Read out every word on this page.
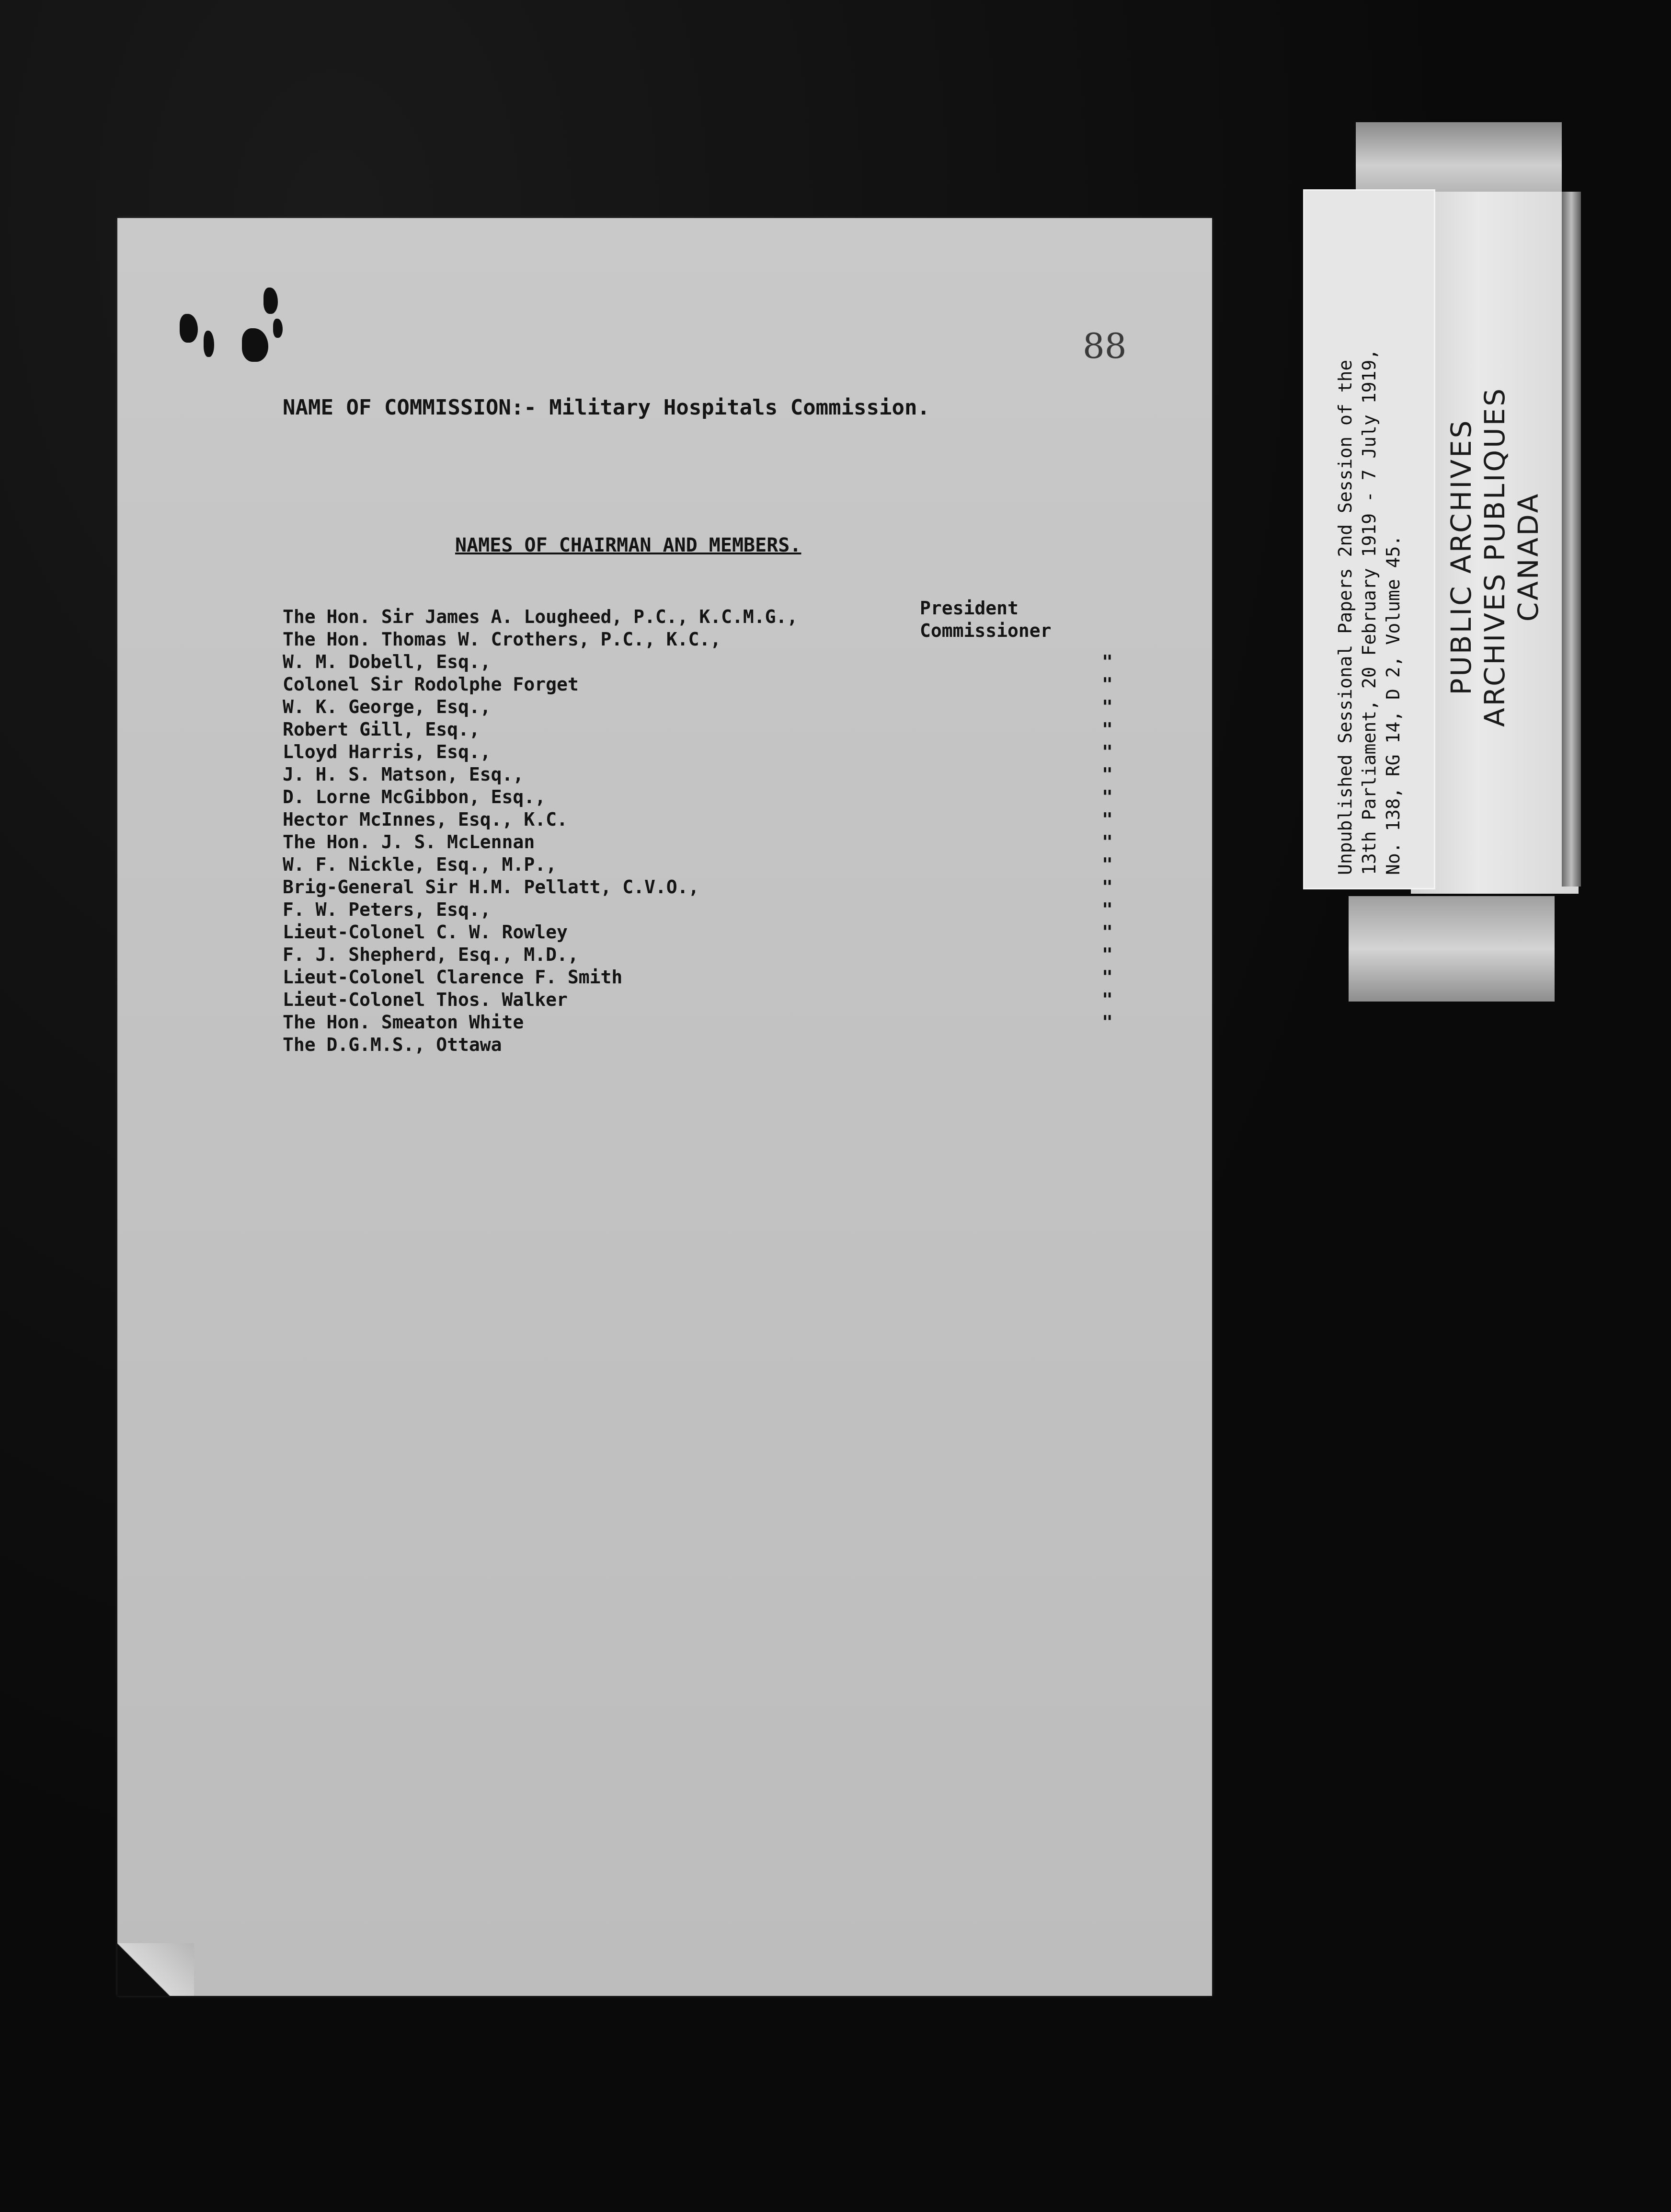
88
NAME OF COMMISSION:- Military Hospitals Commission.
NAMES OF CHAIRMAN AND MEMBERS.
The Hon. Sir James A. Lougheed, P.C., K.C.M.G.,	President
The Hon. Thomas W. Crothers, P.C., K.C.,	Commissioner
W. M. Dobell, Esq.,	"
Colonel Sir Rodolphe Forget	"
W. K. George, Esq.,	"
Robert Gill, Esq.,	"
Lloyd Harris, Esq.,	"
J. H. S. Matson, Esq.,	"
D. Lorne McGibbon, Esq.,	"
Hector McInnes, Esq., K.C.	"
The Hon. J. S. McLennan	"
W. F. Nickle, Esq., M.P.,	"
Brig-General Sir H.M. Pellatt, C.V.O.,	"
F. W. Peters, Esq.,	"
Lieut-Colonel C. W. Rowley	"
F. J. Shepherd, Esq., M.D.,	"
Lieut-Colonel Clarence F. Smith	"
Lieut-Colonel Thos. Walker	"
The Hon. Smeaton White	"
The D.G.M.S., Ottawa
PUBLIC ARCHIVES ARCHIVES PUBLIQUES CANADA
Unpublished Sessional Papers 2nd Session of the 13th Parliament, 20 February 1919 - 7 July 1919, No. 138, RG 14, D 2, Volume 45.
